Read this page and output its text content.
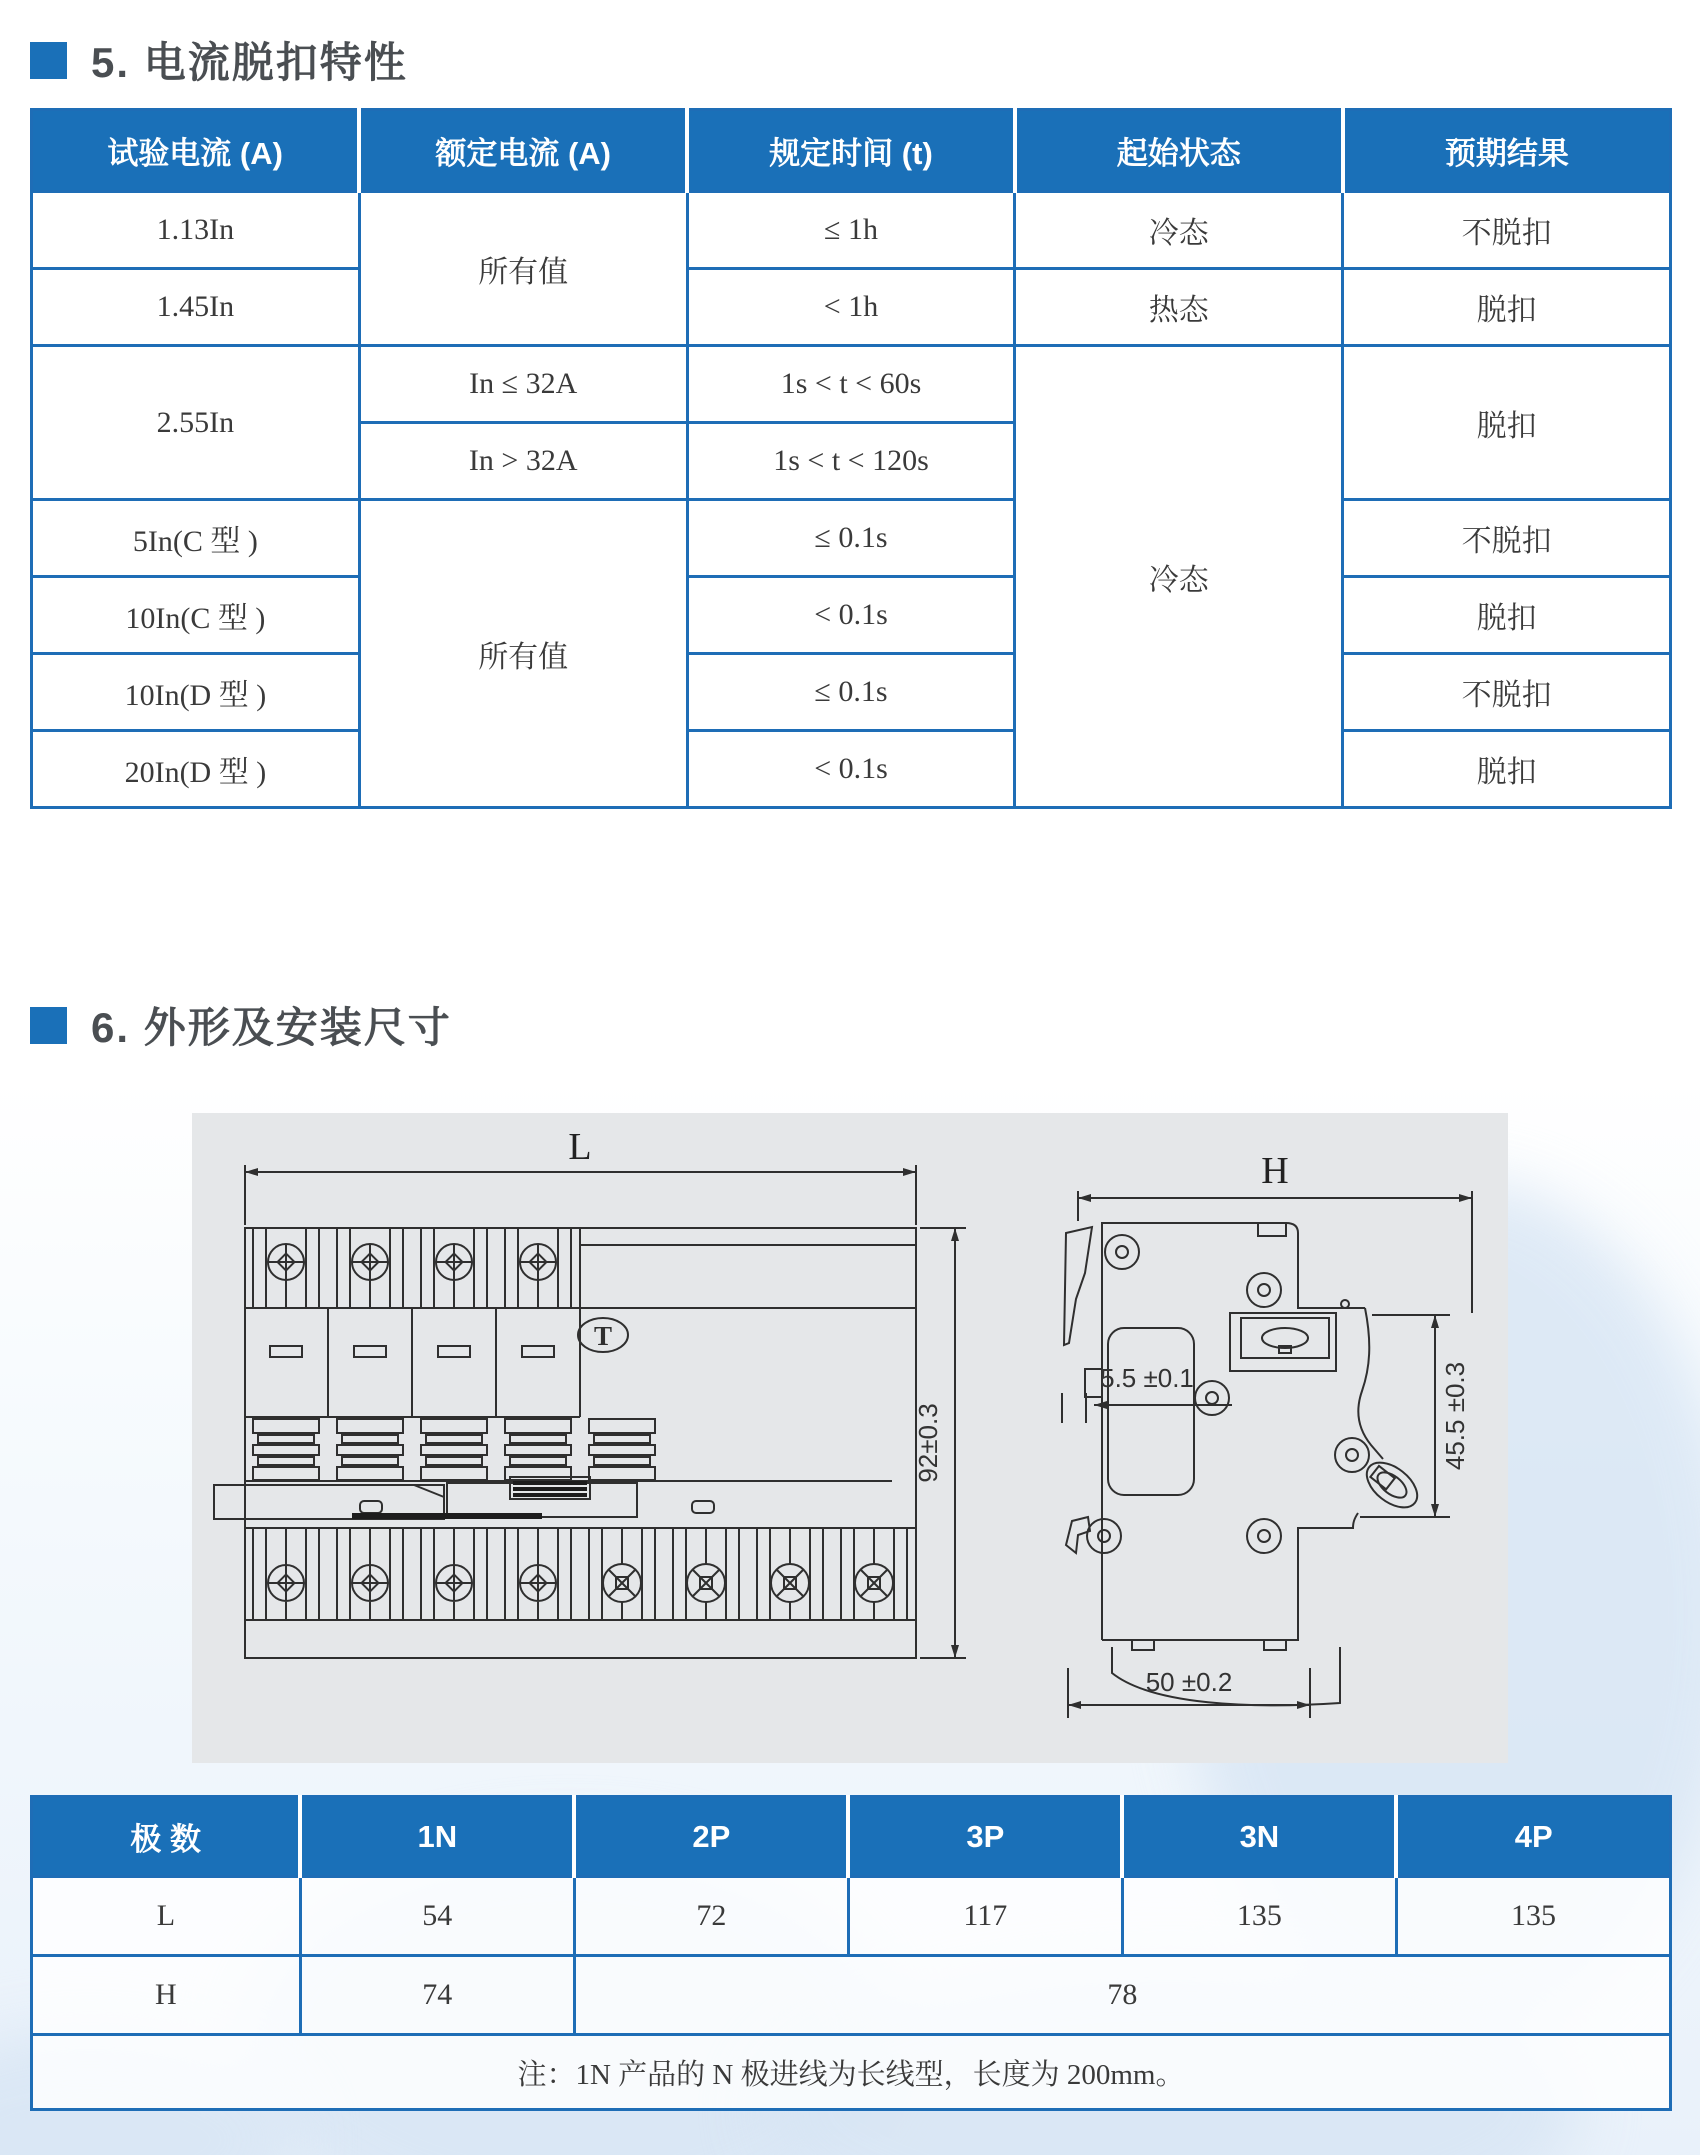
5. 电流脱扣特性
试验电流 (A)	额定电流 (A)	规定时间 (t)	起始状态	预期结果
1.13In	所有值	≤ 1h	冷态	不脱扣
1.45In		< 1h	热态	脱扣
2.55In	In ≤ 32A	1s < t < 60s	冷态	脱扣
	In > 32A	1s < t < 120s		
5In(C 型 )	所有值	≤ 0.1s		不脱扣
10In(C 型 )		< 0.1s		脱扣
10In(D 型 )		≤ 0.1s		不脱扣
20In(D 型 )		< 0.1s		脱扣
6. 外形及安装尺寸
L
H
T
92±0.3
5.5 ±0.1	45.5 ±0.3
50 ±0.2
极 数	1N	2P	3P	3N	4P
L	54	72	117	135	135
H	74	78			
注：1N 产品的 N 极进线为长线型，长度为 200mm。					
